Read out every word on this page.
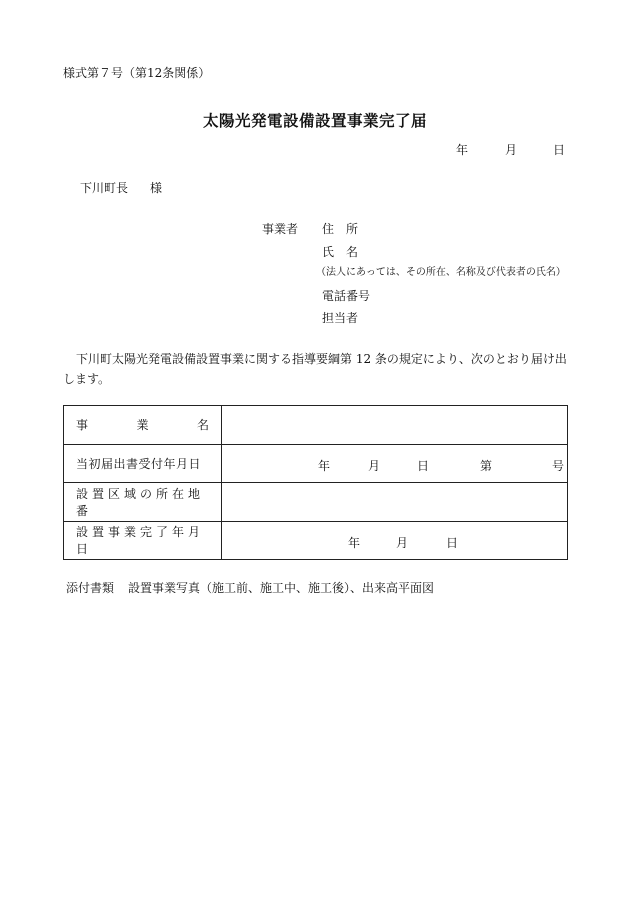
様式第７号（第12条関係）
太陽光発電設備設置事業完了届
年	月	日
下川町長 様
事業者 住　所
氏　名
（法人にあっては、その所在、名称及び代表者の氏名）
電話番号
担当者
下川町太陽光発電設備設置事業に関する指導要綱第 12 条の規定により、次のとおり届け出します。
事 業 名	

当初届出書受付年月日	年 月 日 第 号

設置区域の所在地番	

設置事業完了年月日	年 月 日
添付書類 設置事業写真（施工前、施工中、施工後）、出来高平面図
